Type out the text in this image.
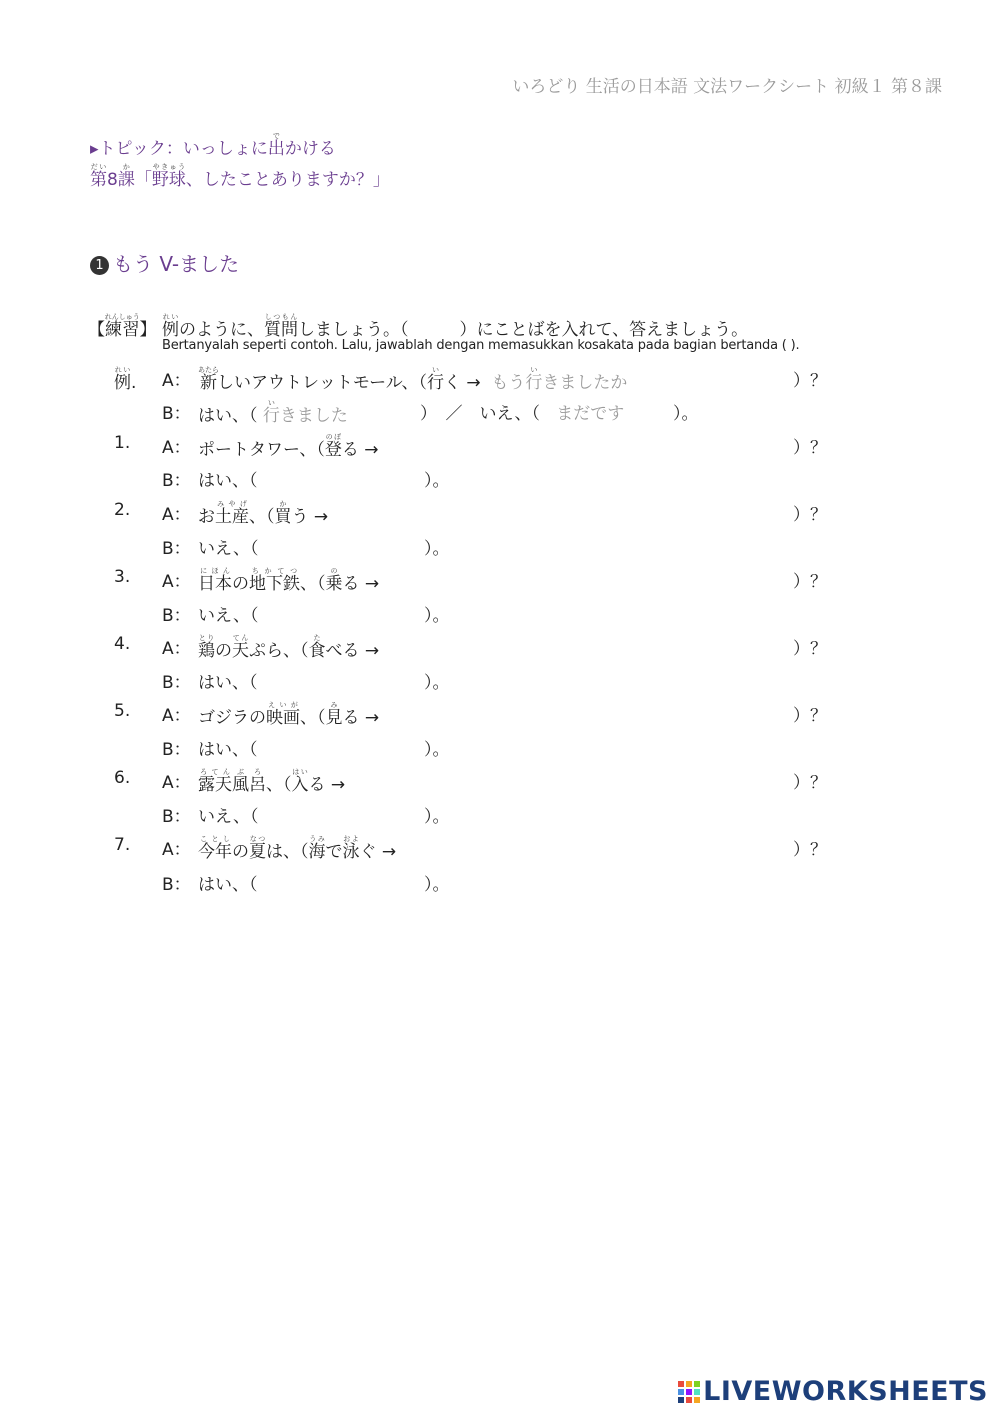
いろどり 生活の日本語 文法ワークシート 初級１ 第８課
▸トピック：いっしょに出でかける
第だい8課か「野球やきゅう、したことありますか？」
1 もう V-ました
【練習れんしゅう】 例れいのように、質問しつもんしましょう。（　　　）にことばを入れて、答えましょう。
Bertanyalah seperti contoh. Lalu, jawablah dengan memasukkan kosakata pada bagian bertanda ( ).
例れい. A： 新あたらしいアウトレットモール、（行いく → もう行いきましたか	）？
B： はい、（ 行いきました	）　／　いえ、（ まだです	）。
1. A： ポートタワー、（登のぼる →	）？
B： はい、（	）。
2. A： お土産みやげ、（買かう →	）？
B： いえ、（	）。
3. A： 日本にほんの地下鉄ちかてつ、（乗のる →	）？
B： いえ、（	）。
4. A： 鶏とりの天てんぷら、（食たべる →	）？
B： はい、（	）。
5. A： ゴジラの映画えいが、（見みる →	）？
B： はい、（	）。
6. A： 露天ろてん風呂ぶろ、（入はいる →	）？
B： いえ、（	）。
7. A： 今年ことしの夏なつは、（海うみで泳およぐ →	）？
B： はい、（	）。
LIVEWORKSHEETS
